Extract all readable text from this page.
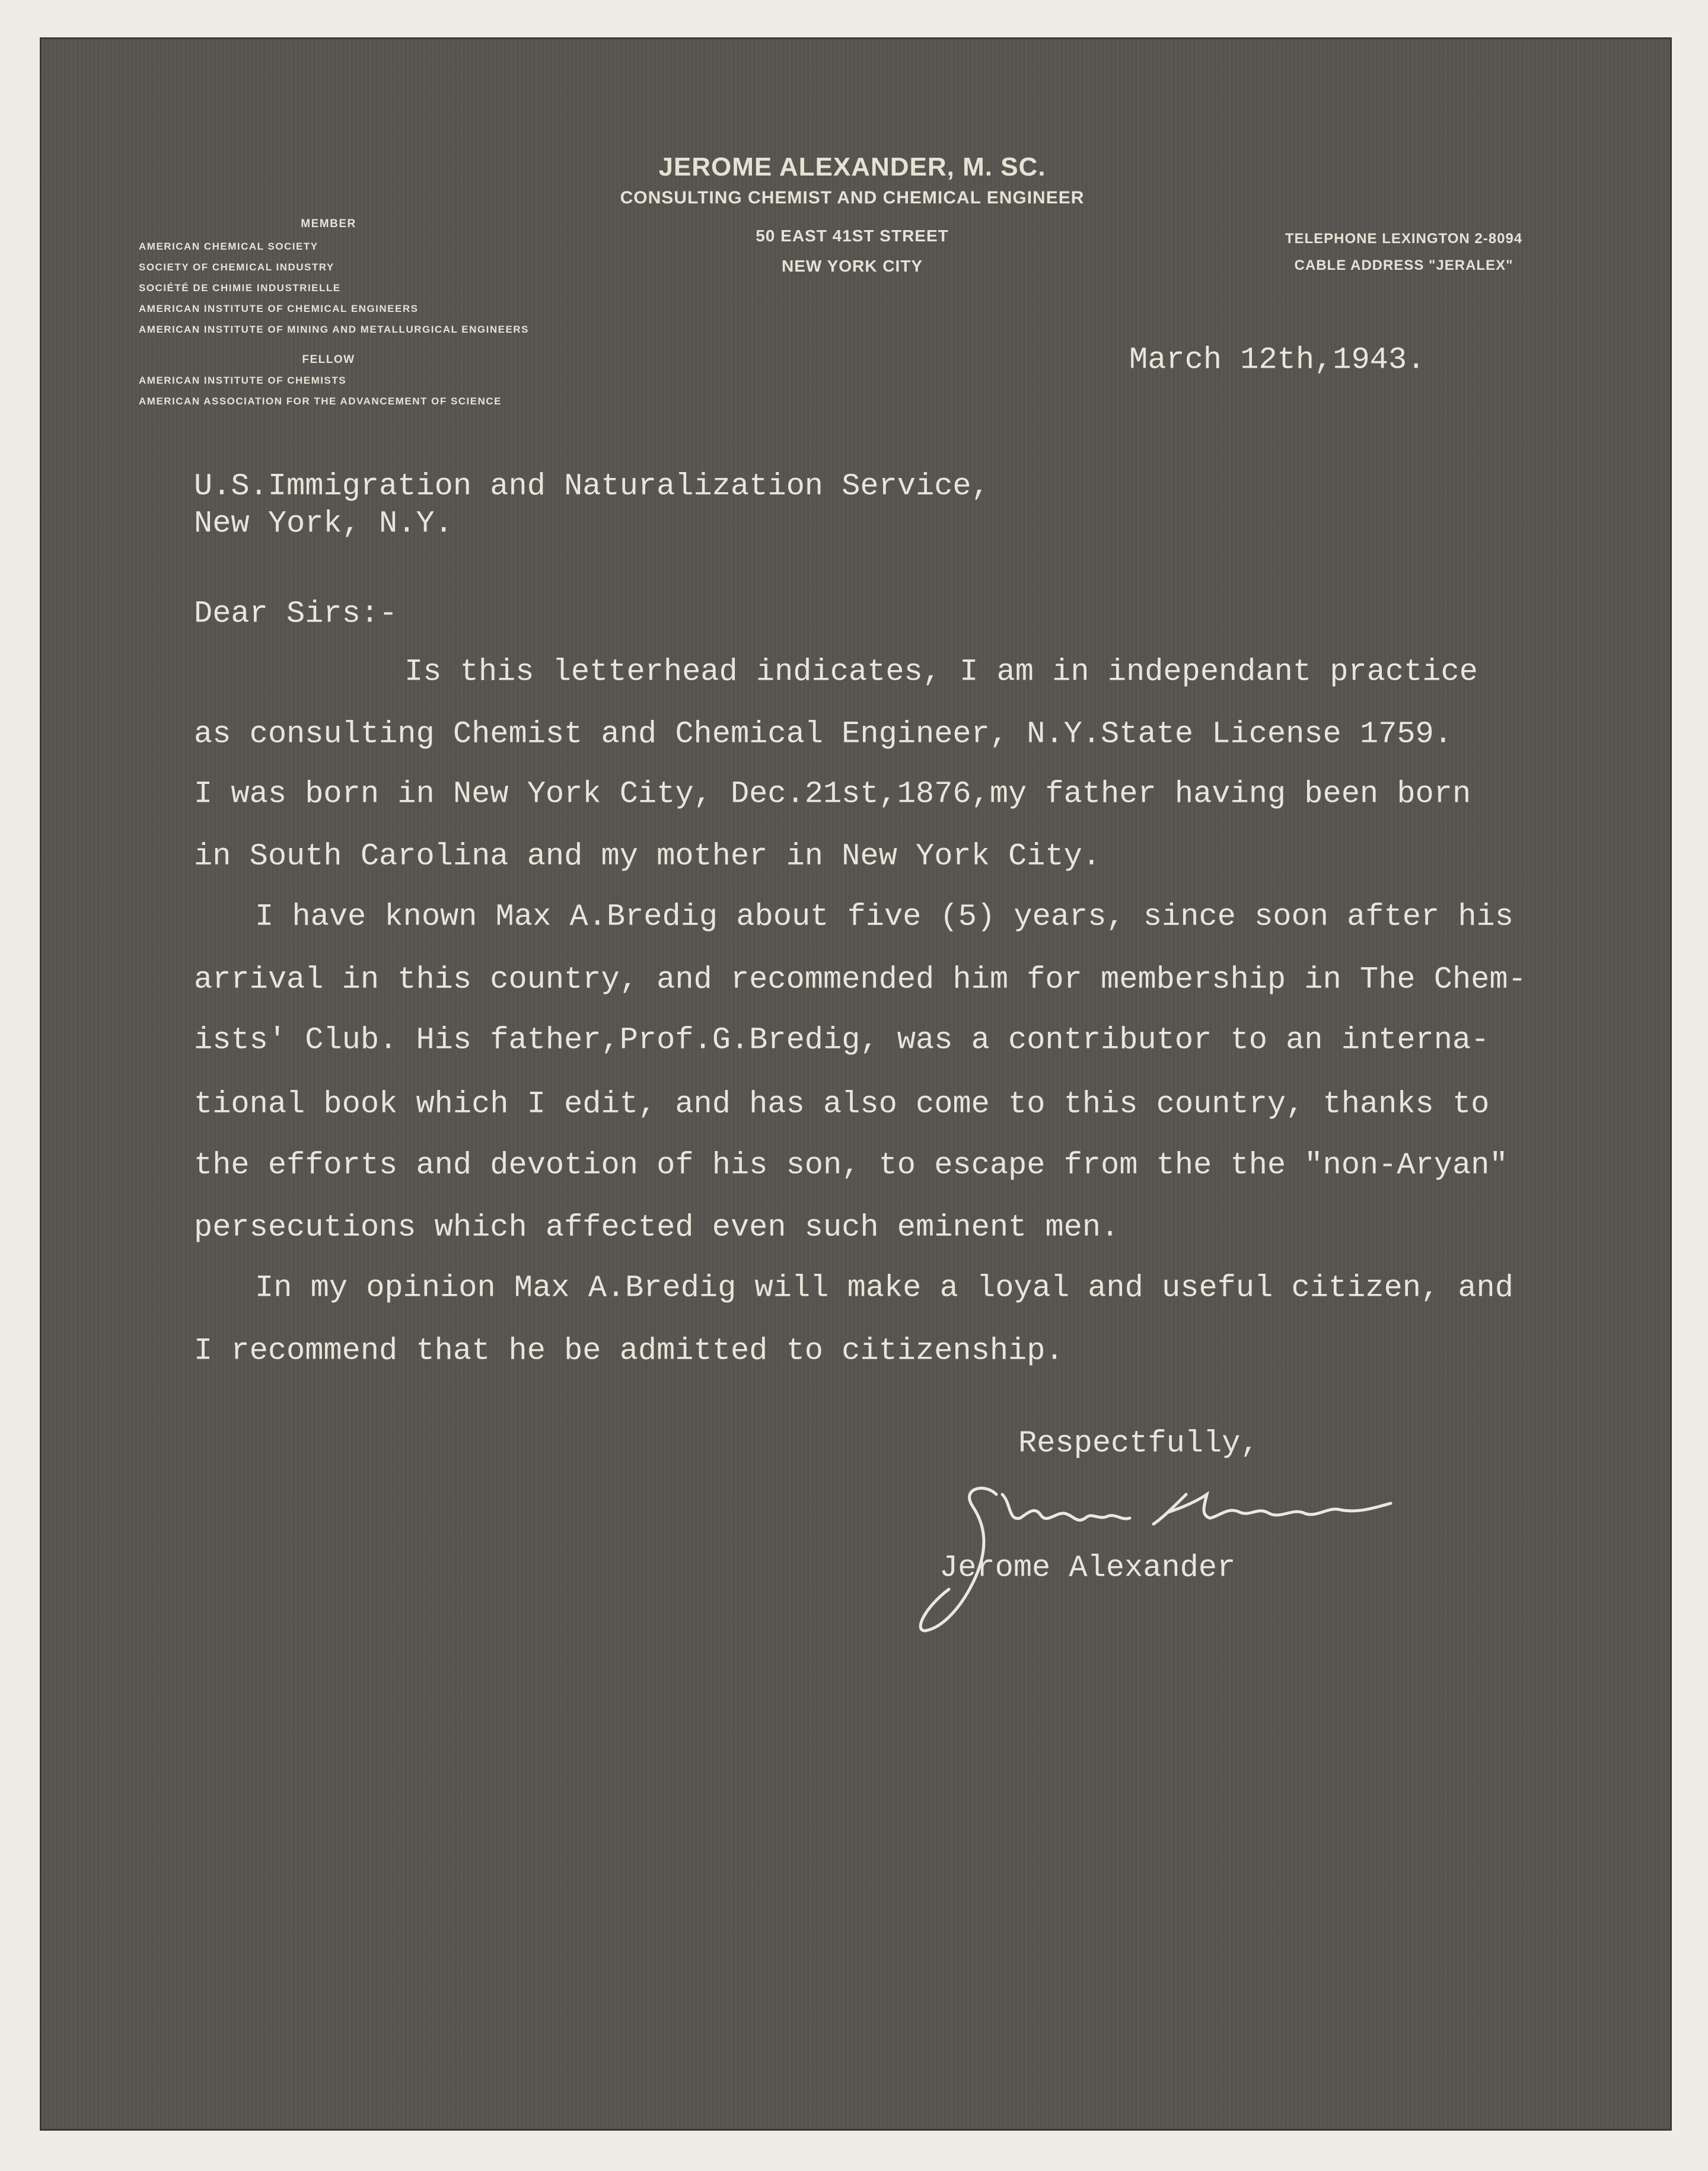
JEROME ALEXANDER, M. SC.
CONSULTING CHEMIST AND CHEMICAL ENGINEER
50 EAST 41ST STREET
NEW YORK CITY
TELEPHONE LEXINGTON 2-8094
CABLE ADDRESS "JERALEX"
MEMBER
AMERICAN CHEMICAL SOCIETY
SOCIETY OF CHEMICAL INDUSTRY
SOCIÉTÉ DE CHIMIE INDUSTRIELLE
AMERICAN INSTITUTE OF CHEMICAL ENGINEERS
AMERICAN INSTITUTE OF MINING AND METALLURGICAL ENGINEERS
FELLOW
AMERICAN INSTITUTE OF CHEMISTS
AMERICAN ASSOCIATION FOR THE ADVANCEMENT OF SCIENCE
March 12th,1943.
U.S.Immigration and Naturalization Service,
New York, N.Y.
Dear Sirs:-
Is this letterhead indicates, I am in independant practice
as consulting Chemist and Chemical Engineer, N.Y.State License 1759.
I was born in New York City, Dec.21st,1876,my father having been born
in South Carolina and my mother in New York City.
I have known Max A.Bredig about five (5) years, since soon after his
arrival in this country, and recommended him for membership in The Chem-
ists' Club. His father,Prof.G.Bredig, was a contributor to an interna-
tional book which I edit, and has also come to this country, thanks to
the efforts and devotion of his son, to escape from the the "non-Aryan"
persecutions which affected even such eminent men.
In my opinion Max A.Bredig will make a loyal and useful citizen, and
I recommend that he be admitted to citizenship.
Respectfully,
Jerome Alexander
